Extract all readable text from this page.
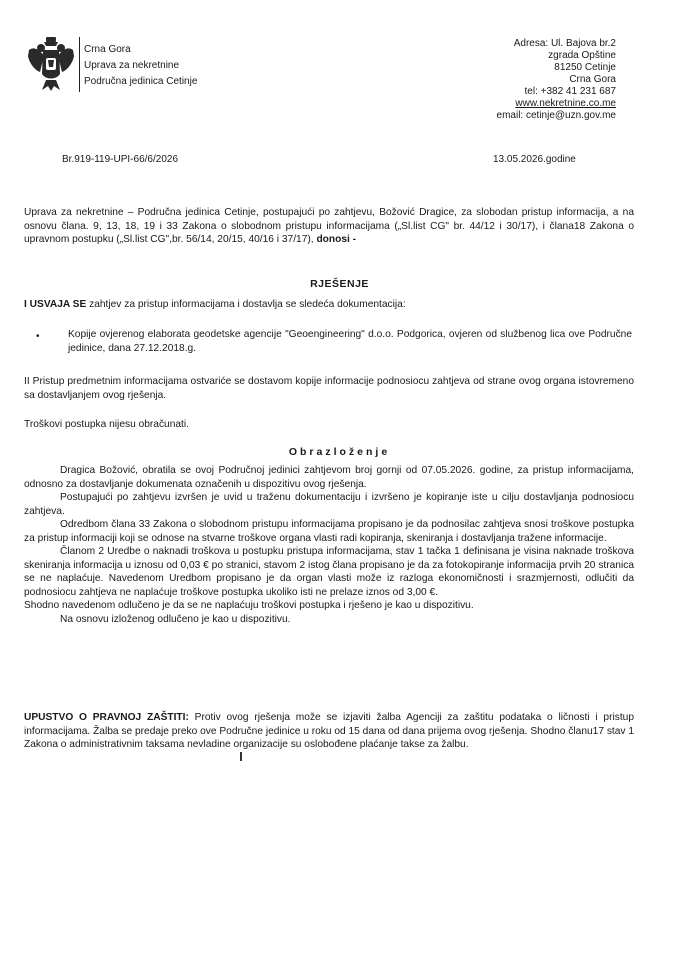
Crna Gora
Uprava za nekretnine
Područna jedinica Cetinje
Adresa: Ul. Bajova br.2
zgrada Opštine
81250 Cetinje
Crna Gora
tel: +382 41 231 687
www.nekretnine.co.me
email: cetinje@uzn.gov.me
Br.919-119-UPI-66/6/2026	13.05.2026.godine
Uprava za nekretnine – Područna jedinica Cetinje, postupajući po zahtjevu, Božović Dragice, za slobodan pristup informacija, a na osnovu člana. 9, 13, 18, 19 i 33 Zakona o slobodnom pristupu informacijama („Sl.list CG" br. 44/12 i 30/17), i člana18 Zakona o upravnom postupku („Sl.list CG",br. 56/14, 20/15, 40/16 i 37/17), donosi -
RJEŠENJE
I USVAJA SE zahtjev za pristup informacijama i dostavlja se sledeća dokumentacija:
•	Kopije ovjerenog elaborata geodetske agencije "Geoengineering" d.o.o. Podgorica, ovjeren od službenog lica ove Područne jedinice, dana 27.12.2018.g.
II Pristup predmetnim informacijama ostvariće se dostavom kopije informacije podnosiocu zahtjeva od strane ovog organa istovremeno sa dostavljanjem ovog rješenja.
Troškovi postupka nijesu obračunati.
Obrazloženje
Dragica Božović, obratila se ovoj Područnoj jedinici zahtjevom broj gornji od 07.05.2026. godine, za pristup informacijama, odnosno za dostavljanje dokumenata označenih u dispozitivu ovog rješenja.
Postupajući po zahtjevu izvršen je uvid u traženu dokumentaciju i izvršeno je kopiranje iste u cilju dostavljanja podnosiocu zahtjeva.
Odredbom člana 33 Zakona o slobodnom pristupu informacijama propisano je da podnosilac zahtjeva snosi troškove postupka za pristup informaciji koji se odnose na stvarne troškove organa vlasti radi kopiranja, skeniranja i dostavljanja tražene informacije.
Članom 2 Uredbe o naknadi troškova u postupku pristupa informacijama, stav 1 tačka 1 definisana je visina naknade troškova skeniranja informacija u iznosu od 0,03 € po stranici, stavom 2 istog člana propisano je da za fotokopiranje informacija prvih 20 stranica se ne naplaćuje. Navedenom Uredbom propisano je da organ vlasti može iz razloga ekonomičnosti i srazmjernosti, odlučiti da podnosiocu zahtjeva ne naplaćuje troškove postupka ukoliko isti ne prelaze iznos od 3,00 €.
Shodno navedenom odlučeno je da se ne naplaćuju troškovi postupka i rješeno je kao u dispozitivu.
Na osnovu izloženog odlučeno je kao u dispozitivu.
UPUSTVO O PRAVNOJ ZAŠTITI: Protiv ovog rješenja može se izjaviti žalba Agenciji za zaštitu podataka o ličnosti i pristup informacijama. Žalba se predaje preko ove Područne jedinice u roku od 15 dana od dana prijema ovog rješenja. Shodno članu17 stav 1 Zakona o administrativnim taksama nevladine organizacije su oslobođene plaćanje takse za žalbu.
